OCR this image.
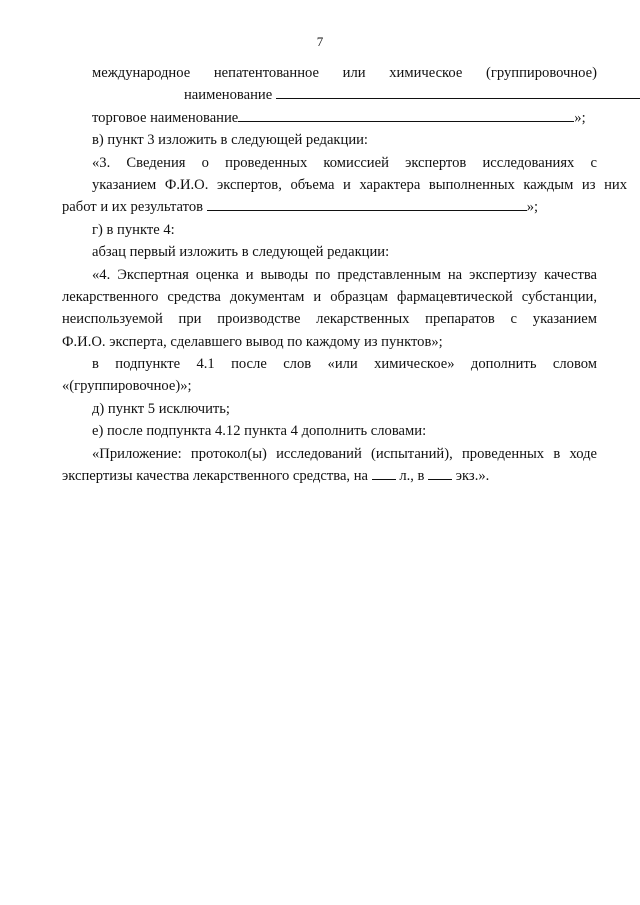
7
международное непатентованное или химическое (группировочное)
наименование
торговое наименование	»;
в) пункт 3 изложить в следующей редакции:
«3. Сведения о проведенных комиссией экспертов исследованиях с
указанием Ф.И.О. экспертов, объема и характера выполненных каждым из них
работ и их результатов	»;
г) в пункте 4:
абзац первый изложить в следующей редакции:
«4. Экспертная оценка и выводы по представленным на экспертизу качества
лекарственного средства документам и образцам фармацевтической субстанции,
неиспользуемой при производстве лекарственных препаратов с указанием
Ф.И.О. эксперта, сделавшего вывод по каждому из пунктов»;
в подпункте 4.1 после слов «или химическое» дополнить словом
«(группировочное)»;
д) пункт 5 исключить;
е) после подпункта 4.12 пункта 4 дополнить словами:
«Приложение: протокол(ы) исследований (испытаний), проведенных в ходе
экспертизы качества лекарственного средства, на л., в экз.».
